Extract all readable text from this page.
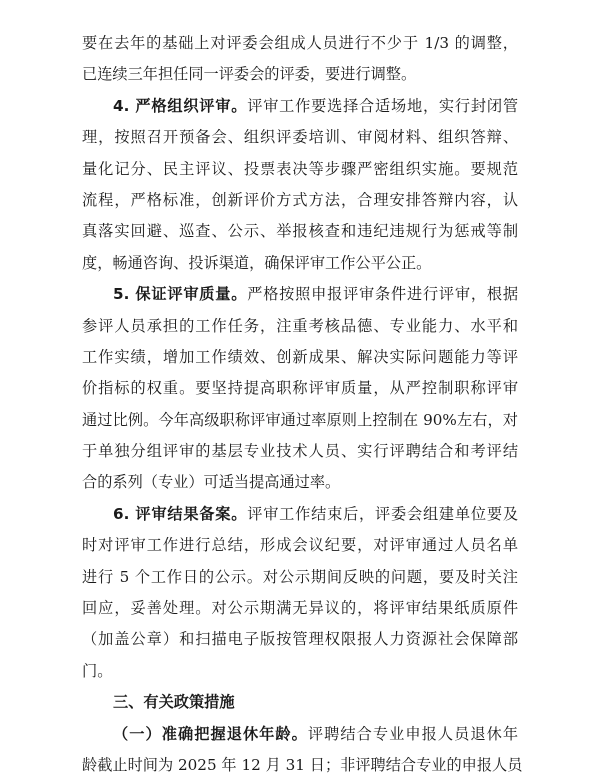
要在去年的基础上对评委会组成人员进行不少于 1/3 的调整，
已连续三年担任同一评委会的评委，要进行调整。
4. 严格组织评审。评审工作要选择合适场地，实行封闭管
理，按照召开预备会、组织评委培训、审阅材料、组织答辩、
量化记分、民主评议、投票表决等步骤严密组织实施。要规范
流程，严格标准，创新评价方式方法，合理安排答辩内容，认
真落实回避、巡查、公示、举报核查和违纪违规行为惩戒等制
度，畅通咨询、投诉渠道，确保评审工作公平公正。
5. 保证评审质量。严格按照申报评审条件进行评审，根据
参评人员承担的工作任务，注重考核品德、专业能力、水平和
工作实绩，增加工作绩效、创新成果、解决实际问题能力等评
价指标的权重。要坚持提高职称评审质量，从严控制职称评审
通过比例。今年高级职称评审通过率原则上控制在 90%左右，对
于单独分组评审的基层专业技术人员、实行评聘结合和考评结
合的系列（专业）可适当提高通过率。
6. 评审结果备案。评审工作结束后，评委会组建单位要及
时对评审工作进行总结，形成会议纪要，对评审通过人员名单
进行 5 个工作日的公示。对公示期间反映的问题，要及时关注
回应，妥善处理。对公示期满无异议的，将评审结果纸质原件
（加盖公章）和扫描电子版按管理权限报人力资源社会保障部
门。
三、有关政策措施
（一）准确把握退休年龄。评聘结合专业申报人员退休年
龄截止时间为 2025 年 12 月 31 日；非评聘结合专业的申报人员
